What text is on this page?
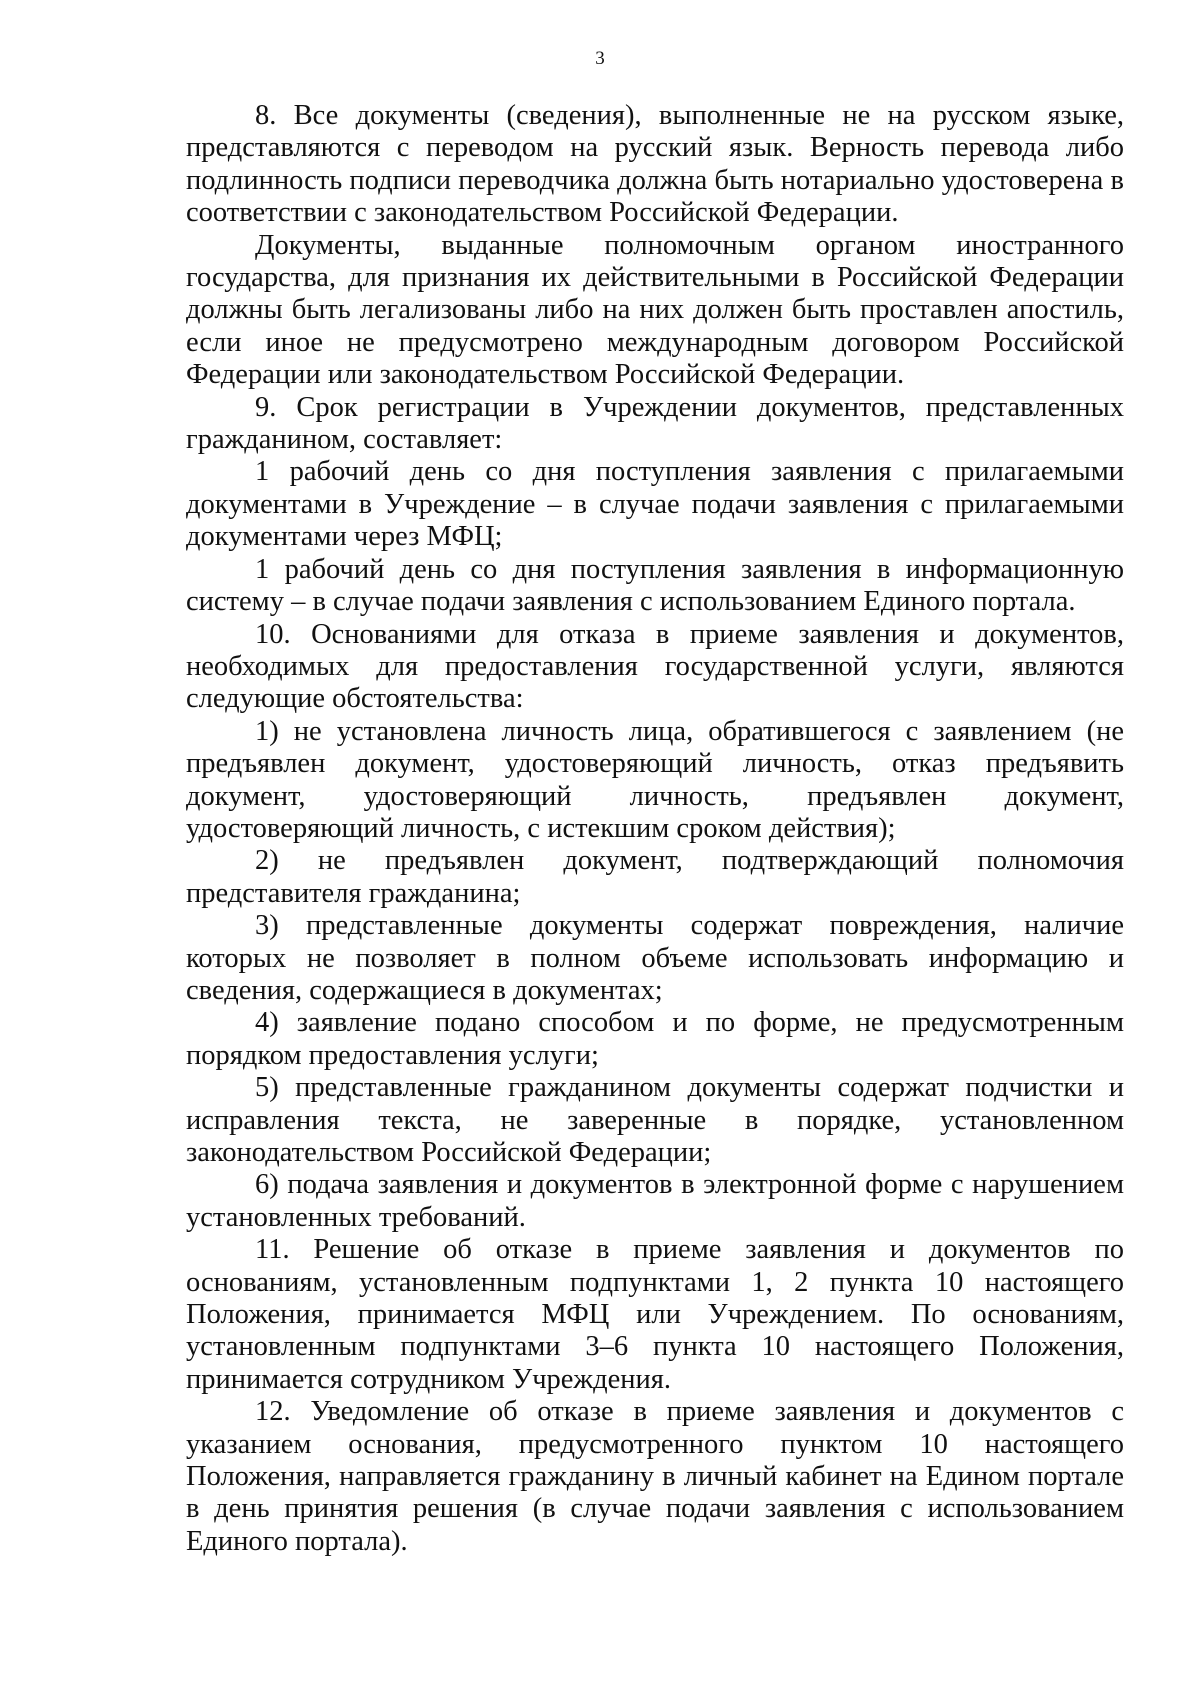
3

8. Все документы (сведения), выполненные не на русском языке, представляются с переводом на русский язык. Верность перевода либо подлинность подписи переводчика должна быть нотариально удостоверена в соответствии с законодательством Российской Федерации.

Документы, выданные полномочным органом иностранного государства, для признания их действительными в Российской Федерации должны быть легализованы либо на них должен быть проставлен апостиль, если иное не предусмотрено международным договором Российской Федерации или законодательством Российской Федерации.

9. Срок регистрации в Учреждении документов, представленных гражданином, составляет:

1 рабочий день со дня поступления заявления с прилагаемыми документами в Учреждение – в случае подачи заявления с прилагаемыми документами через МФЦ;

1 рабочий день со дня поступления заявления в информационную систему – в случае подачи заявления с использованием Единого портала.

10. Основаниями для отказа в приеме заявления и документов, необходимых для предоставления государственной услуги, являются следующие обстоятельства:

1) не установлена личность лица, обратившегося с заявлением (не предъявлен документ, удостоверяющий личность, отказ предъявить документ, удостоверяющий личность, предъявлен документ, удостоверяющий личность, с истекшим сроком действия);

2) не предъявлен документ, подтверждающий полномочия представителя гражданина;

3) представленные документы содержат повреждения, наличие которых не позволяет в полном объеме использовать информацию и сведения, содержащиеся в документах;

4) заявление подано способом и по форме, не предусмотренным порядком предоставления услуги;

5) представленные гражданином документы содержат подчистки и исправления текста, не заверенные в порядке, установленном законодательством Российской Федерации;

6) подача заявления и документов в электронной форме с нарушением установленных требований.

11. Решение об отказе в приеме заявления и документов по основаниям, установленным подпунктами 1, 2 пункта 10 настоящего Положения, принимается МФЦ или Учреждением. По основаниям, установленным подпунктами 3–6 пункта 10 настоящего Положения, принимается сотрудником Учреждения.

12. Уведомление об отказе в приеме заявления и документов с указанием основания, предусмотренного пунктом 10 настоящего Положения, направляется гражданину в личный кабинет на Едином портале в день принятия решения (в случае подачи заявления с использованием Единого портала).
